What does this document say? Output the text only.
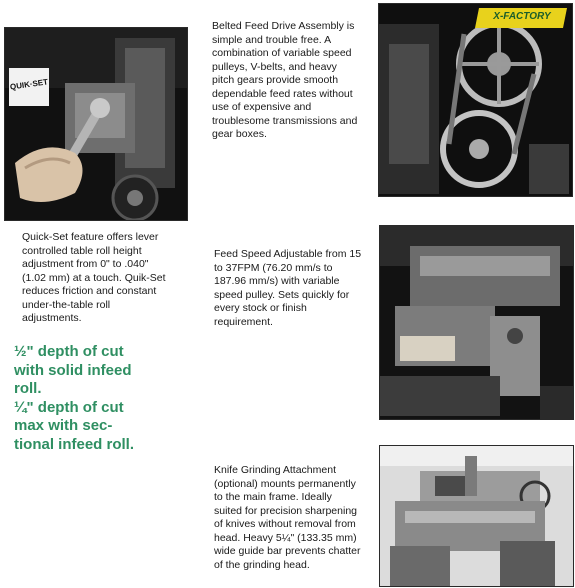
QUIK·SET
Belted Feed Drive Assembly is simple and trouble free. A combination of variable speed pulleys, V-belts, and heavy pitch gears provide smooth dependable feed rates without use of expensive and troublesome transmissions and gear boxes.
X-FACTORY
Quick-Set feature offers lever controlled table roll height adjustment from 0" to .040" (1.02 mm) at a touch. Quik-Set reduces friction and constant under-the-table roll adjustments.
Feed Speed Adjustable from 15 to 37FPM (76.20 mm/s to 187.96 mm/s) with variable speed pulley. Sets quickly for every stock or finish requirement.
½" depth of cut
with solid infeed
roll.
¼" depth of cut
max with sec-
tional infeed roll.
Knife Grinding Attachment (optional) mounts permanently to the main frame. Ideally suited for precision sharpening of knives without removal from head. Heavy 5¼" (133.35 mm) wide guide bar prevents chatter of the grinding head.
